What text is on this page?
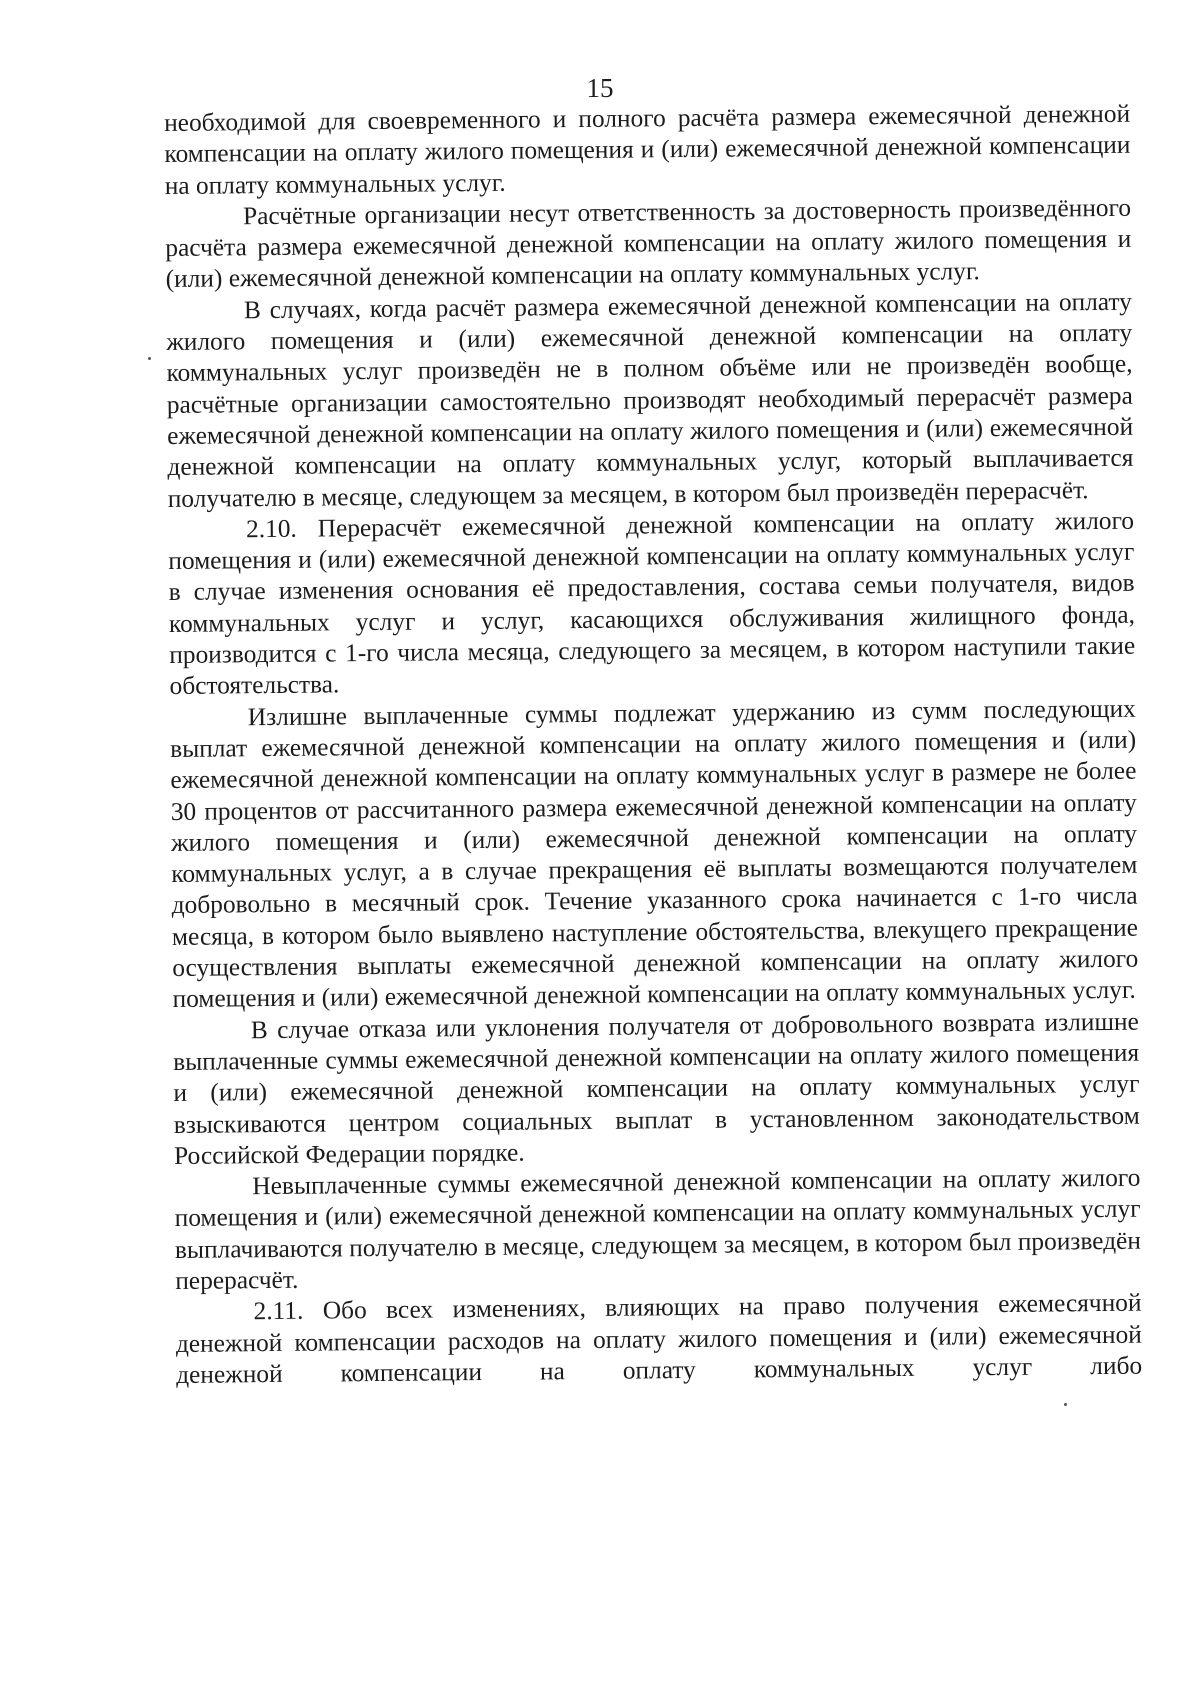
15

необходимой для своевременного и полного расчёта размера ежемесячной денежной компенсации на оплату жилого помещения и (или) ежемесячной денежной компенсации на оплату коммунальных услуг.

Расчётные организации несут ответственность за достоверность произведённого расчёта размера ежемесячной денежной компенсации на оплату жилого помещения и (или) ежемесячной денежной компенсации на оплату коммунальных услуг.

В случаях, когда расчёт размера ежемесячной денежной компенсации на оплату жилого помещения и (или) ежемесячной денежной компенсации на оплату коммунальных услуг произведён не в полном объёме или не произведён вообще, расчётные организации самостоятельно производят необходимый перерасчёт размера ежемесячной денежной компенсации на оплату жилого помещения и (или) ежемесячной денежной компенсации на оплату коммунальных услуг, который выплачивается получателю в месяце, следующем за месяцем, в котором был произведён перерасчёт.

2.10. Перерасчёт ежемесячной денежной компенсации на оплату жилого помещения и (или) ежемесячной денежной компенсации на оплату коммунальных услуг в случае изменения основания её предоставления, состава семьи получателя, видов коммунальных услуг и услуг, касающихся обслуживания жилищного фонда, производится с 1-го числа месяца, следующего за месяцем, в котором наступили такие обстоятельства.

Излишне выплаченные суммы подлежат удержанию из сумм последующих выплат ежемесячной денежной компенсации на оплату жилого помещения и (или) ежемесячной денежной компенсации на оплату коммунальных услуг в размере не более 30 процентов от рассчитанного размера ежемесячной денежной компенсации на оплату жилого помещения и (или) ежемесячной денежной компенсации на оплату коммунальных услуг, а в случае прекращения её выплаты возмещаются получателем добровольно в месячный срок. Течение указанного срока начинается с 1-го числа месяца, в котором было выявлено наступление обстоятельства, влекущего прекращение осуществления выплаты ежемесячной денежной компенсации на оплату жилого помещения и (или) ежемесячной денежной компенсации на оплату коммунальных услуг.

В случае отказа или уклонения получателя от добровольного возврата излишне выплаченные суммы ежемесячной денежной компенсации на оплату жилого помещения и (или) ежемесячной денежной компенсации на оплату коммунальных услуг взыскиваются центром социальных выплат в установленном законодательством Российской Федерации порядке.

Невыплаченные суммы ежемесячной денежной компенсации на оплату жилого помещения и (или) ежемесячной денежной компенсации на оплату коммунальных услуг выплачиваются получателю в месяце, следующем за месяцем, в котором был произведён перерасчёт.

2.11. Обо всех изменениях, влияющих на право получения ежемесячной денежной компенсации расходов на оплату жилого помещения и (или) ежемесячной денежной компенсации на оплату коммунальных услуг либо
